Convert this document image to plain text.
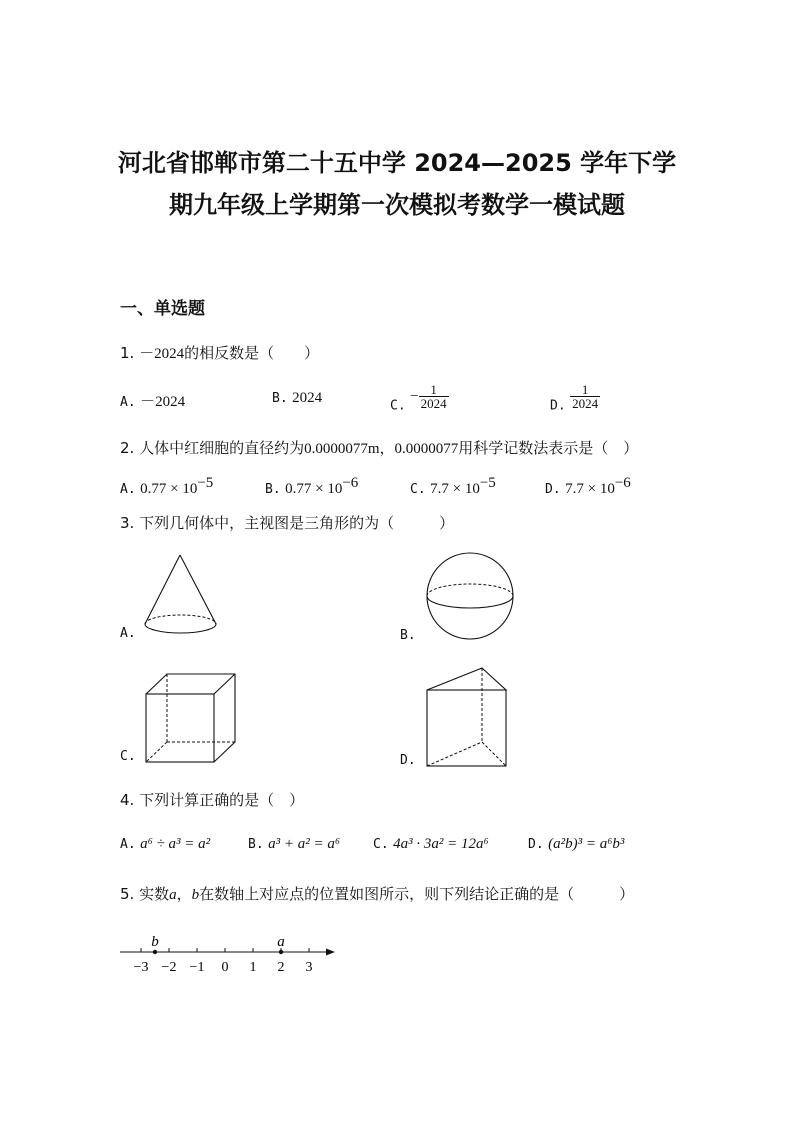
河北省邯郸市第二十五中学 2024—2025 学年下学
期九年级上学期第一次模拟考数学一模试题
一、单选题
1. －2024的相反数是（　　）
A. －2024	B. 2024	C. − $\frac{1}{2024}$	D. $\frac{1}{2024}$
2. 人体中红细胞的直径约为0.0000077m，0.0000077用科学记数法表示是（　）
A. $0.77 \times 10^{-5}$	B. $0.77 \times 10^{-6}$	C. $7.7 \times 10^{-5}$	D. $7.7 \times 10^{-6}$
3. 下列几何体中，主视图是三角形的为（　　　）
A.	B.
C.	D.
4. 下列计算正确的是（　）
A. a⁶ ÷ a³ = a²	B. a³ + a² = a⁶	C. 4a³ · 3a² = 12a⁶	D. (a²b)³ = a⁶b³
5. 实数a，b在数轴上对应点的位置如图所示，则下列结论正确的是（　　　）
−3 −2 −1 0 1 2 3
b	a
